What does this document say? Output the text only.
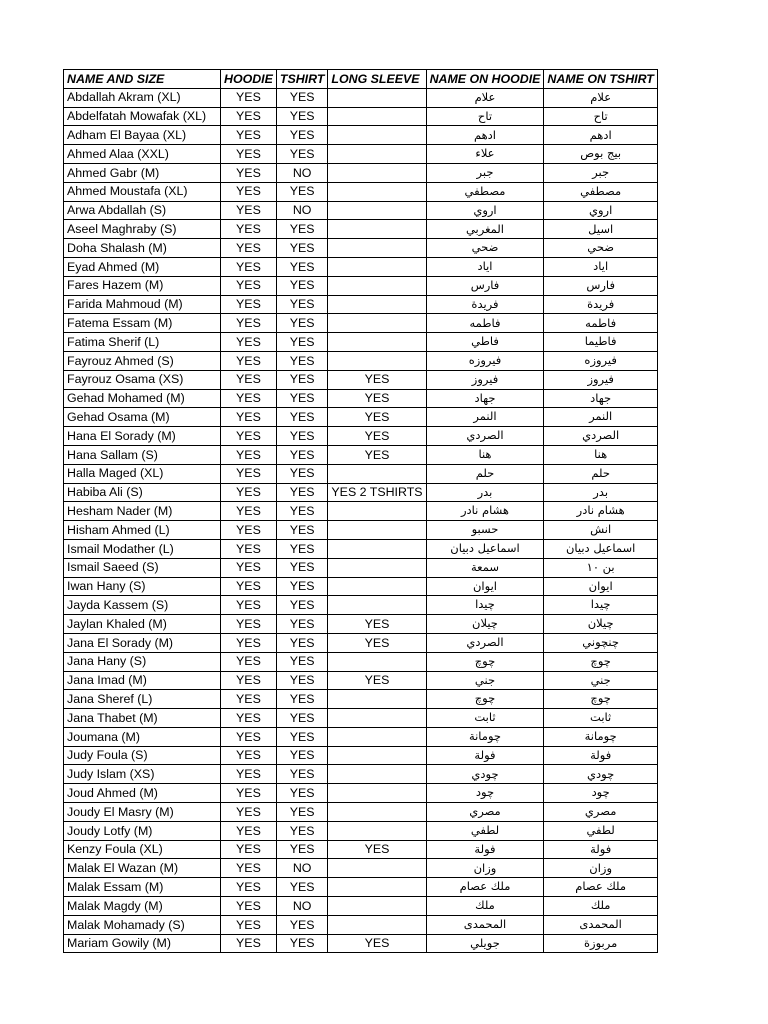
NAME AND SIZE	HOODIE	TSHIRT	LONG SLEEVE	NAME ON HOODIE	NAME ON TSHIRT
Abdallah Akram (XL)	YES	YES		علام	علام
Abdelfatah Mowafak (XL)	YES	YES		تاح	تاح
Adham El Bayaa (XL)	YES	YES		ادهم	ادهم
Ahmed Alaa (XXL)	YES	YES		علاء	بيج بوص
Ahmed Gabr (M)	YES	NO		جبر	جبر
Ahmed Moustafa (XL)	YES	YES		مصطفي	مصطفي
Arwa Abdallah (S)	YES	NO		اروي	اروي
Aseel Maghraby (S)	YES	YES		المغربي	اسيل
Doha Shalash (M)	YES	YES		ضحي	ضحي
Eyad Ahmed (M)	YES	YES		اياد	اياد
Fares Hazem (M)	YES	YES		فارس	فارس
Farida Mahmoud (M)	YES	YES		فريدة	فريدة
Fatema Essam (M)	YES	YES		فاطمه	فاطمه
Fatima Sherif (L)	YES	YES		فاطي	فاطيما
Fayrouz Ahmed (S)	YES	YES		فيروزه	فيروزه
Fayrouz Osama (XS)	YES	YES	YES	فيروز	فيروز
Gehad Mohamed (M)	YES	YES	YES	جهاد	جهاد
Gehad Osama (M)	YES	YES	YES	النمر	النمر
Hana El Sorady (M)	YES	YES	YES	الصردي	الصردي
Hana Sallam (S)	YES	YES	YES	هنا	هنا
Halla Maged (XL)	YES	YES		حلم	حلم
Habiba Ali (S)	YES	YES	YES 2 TSHIRTS	بدر	بدر
Hesham Nader (M)	YES	YES		هشام نادر	هشام نادر
Hisham Ahmed (L)	YES	YES		حسبو	انش
Ismail Modather (L)	YES	YES		اسماعيل دبيان	اسماعيل دبيان
Ismail Saeed (S)	YES	YES		سمعة	بن ١٠
Iwan Hany (S)	YES	YES		ايوان	ايوان
Jayda Kassem (S)	YES	YES		چيدا	چيدا
Jaylan Khaled (M)	YES	YES	YES	چيلان	چيلان
Jana El Sorady (M)	YES	YES	YES	الصردي	چنچوني
Jana Hany (S)	YES	YES		چوچ	چوچ
Jana Imad (M)	YES	YES	YES	جني	جني
Jana Sheref (L)	YES	YES		چوچ	چوچ
Jana Thabet (M)	YES	YES		ثابت	ثابت
Joumana (M)	YES	YES		چومانة	چومانة
Judy Foula (S)	YES	YES		فولة	فولة
Judy Islam (XS)	YES	YES		چودي	چودي
Joud Ahmed (M)	YES	YES		چود	چود
Joudy El Masry (M)	YES	YES		مصري	مصري
Joudy Lotfy (M)	YES	YES		لطفي	لطفي
Kenzy Foula (XL)	YES	YES	YES	فولة	فولة
Malak El Wazan (M)	YES	NO		وزان	وزان
Malak Essam (M)	YES	YES		ملك عصام	ملك عصام
Malak Magdy (M)	YES	NO		ملك	ملك
Malak Mohamady (S)	YES	YES		المحمدى	المحمدى
Mariam Gowily (M)	YES	YES	YES	جويلي	مربوزة
